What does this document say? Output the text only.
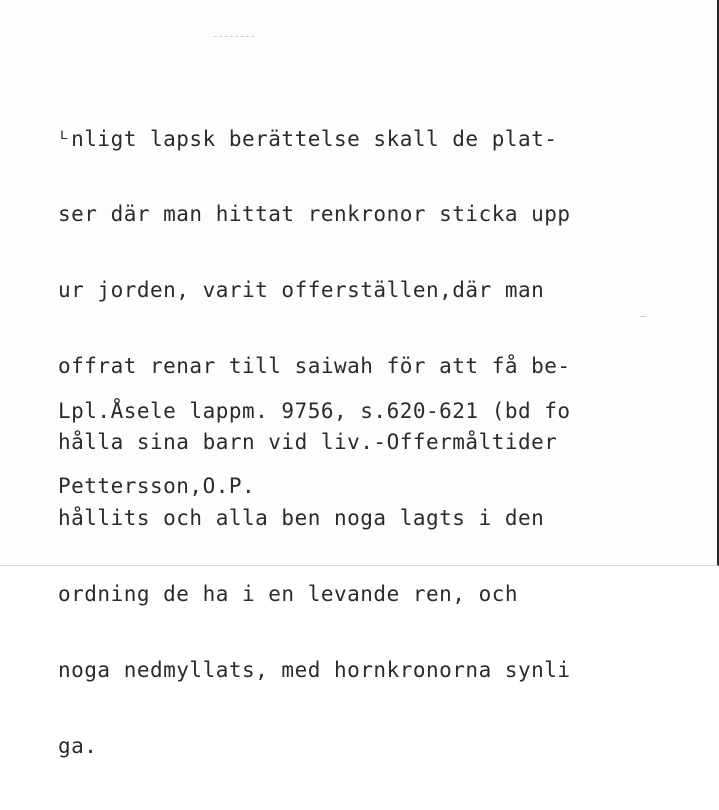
ᴸnligt lapsk berättelse skall de plat-

ser där man hittat renkronor sticka upp

ur jorden, varit offerställen,där man

offrat renar till saiwah för att få be-

hålla sina barn vid liv.-Offermåltider

hållits och alla ben noga lagts i den

ordning de ha i en levande ren, och

noga nedmyllats, med hornkronorna synli

ga.

Lpl.Åsele lappm. 9756, s.620-621 (bd fo

Pettersson,O.P.
